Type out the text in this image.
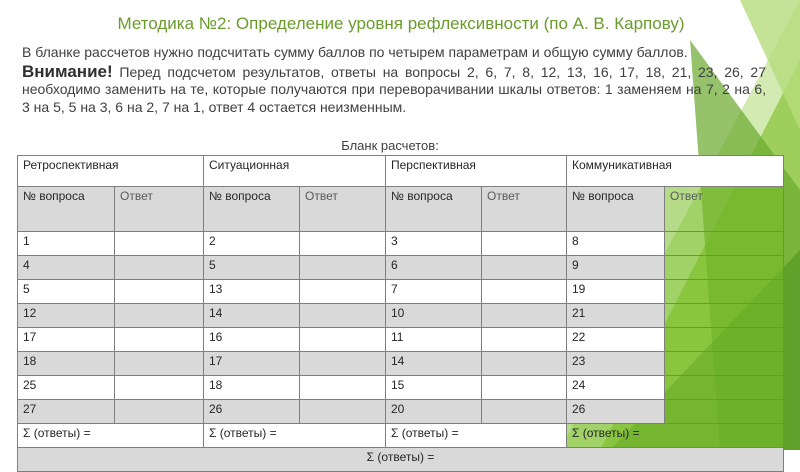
Методика №2: Определение уровня рефлексивности (по А. В. Карпову)
В бланке рассчетов нужно подсчитать сумму баллов по четырем параметрам и общую сумму баллов.
Внимание! Перед подсчетом результатов, ответы на вопросы 2, 6, 7, 8, 12, 13, 16, 17, 18, 21, 23, 26, 27 необходимо заменить на те, которые получаются при переворачивании шкалы ответов: 1 заменяем на 7, 2 на 6, 3 на 5, 5 на 3, 6 на 2, 7 на 1, ответ 4 остается неизменным.
Бланк расчетов:
Ретроспективная		Ситуационная		Перспективная		Коммуникативная	
№ вопроса	Ответ	№ вопроса	Ответ	№ вопроса	Ответ	№ вопроса	Ответ
1		2		3		8	
4		5		6		9	
5		13		7		19	
12		14		10		21	
17		16		11		22	
18		17		14		23	
25		18		15		24	
27		26		20		26	
Σ (ответы) =		Σ (ответы) =		Σ (ответы) =		Σ (ответы) =	
Σ (ответы) =							
